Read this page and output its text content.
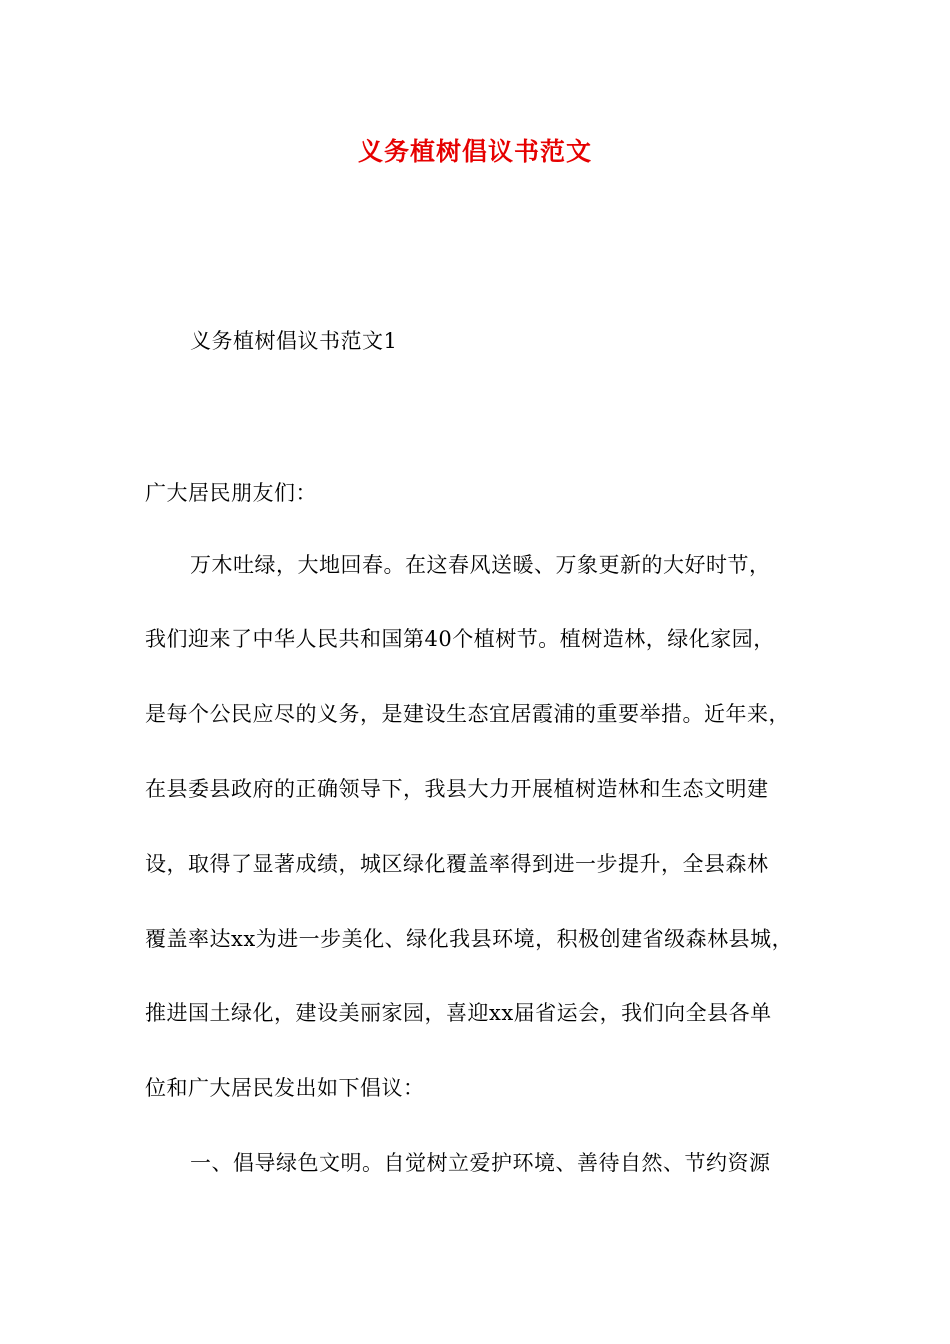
义务植树倡议书范文
义务植树倡议书范文1
广大居民朋友们：
万木吐绿，大地回春。在这春风送暖、万象更新的大好时节，
我们迎来了中华人民共和国第40个植树节。植树造林，绿化家园，
是每个公民应尽的义务，是建设生态宜居霞浦的重要举措。近年来，
在县委县政府的正确领导下，我县大力开展植树造林和生态文明建
设，取得了显著成绩，城区绿化覆盖率得到进一步提升，全县森林
覆盖率达xx为进一步美化、绿化我县环境，积极创建省级森林县城，
推进国土绿化，建设美丽家园，喜迎xx届省运会，我们向全县各单
位和广大居民发出如下倡议：
一、倡导绿色文明。自觉树立爱护环境、善待自然、节约资源
